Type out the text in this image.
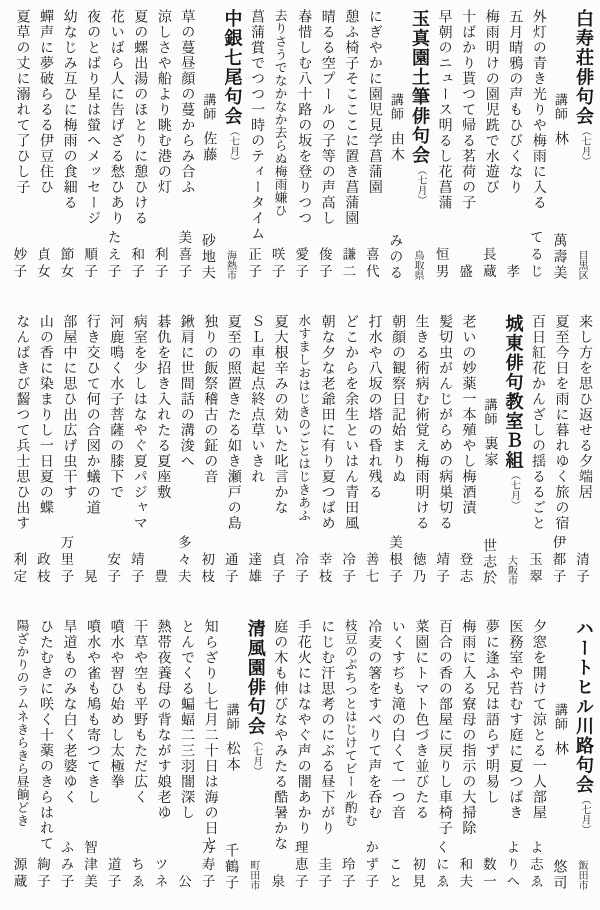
白寿荘俳句会（七月）
目黒区
講師林
萬壽美
外灯の青き光りや梅雨に入る
てるじ
五月晴鴉の声もひびくなり
孝
梅雨明けの園児跣で水遊び
長蔵
十ばかり貰つて帰る茗荷の子
盛
早朝のニュース明るし花菖蒲
恒男
玉真園土筆俳句会（七月）
鳥取県
講師由木
みのる
にぎやかに園児見学菖蒲園
喜代
憩ふ椅子そこここに置き菖蒲園
謙二
晴るる空プールの子等の声高し
俊子
春惜しむ八十路の坂を登りつつ
愛子
去りさうでなかなか去らぬ梅雨嫌ひ
咲子
菖蒲賞でつつ一時のティータイム
正子
中銀七尾句会（七月）
海熱市
講師佐藤
砂地夫
草の蔓昼顔の蔓からみ合ふ
美喜子
涼しさや船より眺む港の灯
利子
夏の螺出湯のほとりに憩ひける
和子
花いばら人に告げざる愁ひあり
たえ子
夜のとばり星は螢へメッセージ
順子
幼なじみ互ひに梅雨の食細る
節女
蟬声に夢破らるる伊豆住ひ
貞女
夏草の丈に溺れて了ひし子
妙子
来し方を思ひ返せる夕端居
清子
夏至今日を雨に暮れゆく旅の宿
伊都子
百日紅花かんざしの揺るるごと
玉翠
城東俳句教室Ｂ組（七月）
大阪市
講師裏家
世志於
老いの妙薬一本殖やし梅酒漬
登志
髪切虫がんじがらめの病巣切る
靖子
生きる術病む術覚え梅雨明ける
徳乃
朝顔の観察日記始まりぬ
美根子
打水や八坂の塔の昏れ残る
善七
どこからを余生といはん青田風
冷子
朝な夕な老爺田に有り夏つばめ
幸枝
水すましおはじきのごとはじきあふ
冷子
夏大根辛みの効いた叱言かな
貞子
ＳＬ車起点終点草いきれ
達雄
夏至の照置きたる如き瀬戸の島
通子
独りの飯祭稽古の鉦の音
初枝
鍬肩に世間話の溝浚へ
多々夫
碁仇を招き入れたる夏座敷
豊
病室を少しはなやぐ夏パジャマ
靖子
河鹿鳴く水子菩薩の膝下で
安子
行き交ひて何の合図か蟻の道
晃
部屋中に思ひ出広げ虫干す
万里子
山の香に染まりし一日夏の蝶
政枝
なんばきび齧つて兵士思ひ出す
利定
ハートヒル川路句会（七月）
飯田市
講師林
悠司
夕窓を開けて涼とる一人部屋
よ志ゑ
医務室や苔むす庭に夏つばき
よりへ
夢に逢ふ兄は語らず明易し
数一
梅雨に入る寮母の指示の大掃除
和夫
百合の香の部屋に戻りし車椅子
くにゑ
菜園にトマト色づき並びたる
初見
いくすぢも滝の白くて一つ音
こと
冷麦の箸をすべりて声を呑む
かず子
枝豆のぷちつとはじけてビール酌む
玲子
にじむ汗思考のにぶる昼下がり
圭子
手花火にはなやぐ声の闇あかり
理恵子
庭の木も伸びなやみたる酷暑かな
泉
清風園俳句会（七月）
町田市
講師松本
千鶴子
知らざりし七月二十日は海の日と
万寿子
とんでくる蝙蝠二三羽闇深し
公
熱帯夜養母の背ながす娘老ゆ
ツネ
干草や空も平野もただ広く
ちゑ
噴水や習ひ始めし太極拳
道子
噴水や雀も鳩も寄つてきし
智津美
旱道ものみな白く老婆ゆく
ふみ子
ひたむきに咲く十薬のきらはれて
絢子
陽ざかりのラムネきらきら昼餉どき
源蔵
